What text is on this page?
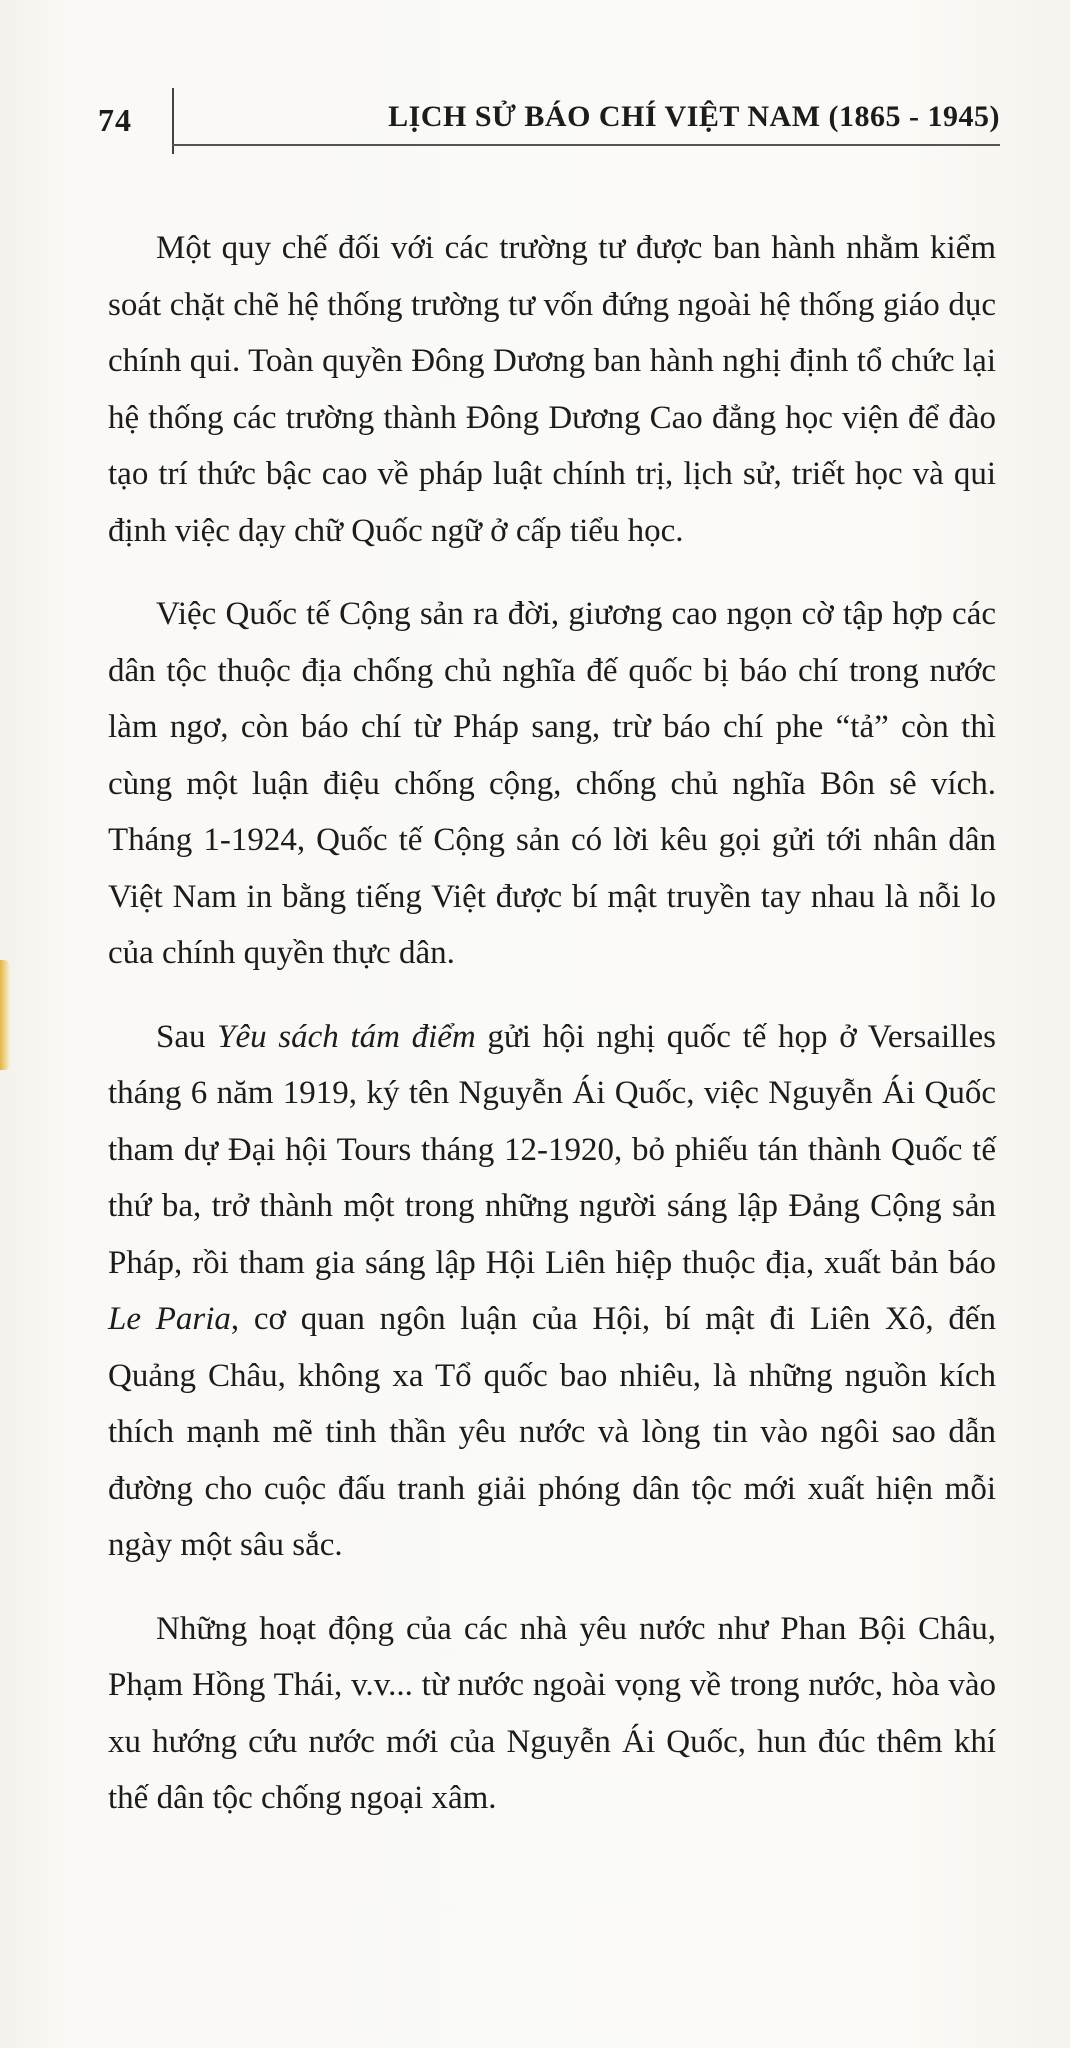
74	LỊCH SỬ BÁO CHÍ VIỆT NAM (1865 - 1945)

Một quy chế đối với các trường tư được ban hành nhằm kiểm soát chặt chẽ hệ thống trường tư vốn đứng ngoài hệ thống giáo dục chính qui. Toàn quyền Đông Dương ban hành nghị định tổ chức lại hệ thống các trường thành Đông Dương Cao đẳng học viện để đào tạo trí thức bậc cao về pháp luật chính trị, lịch sử, triết học và qui định việc dạy chữ Quốc ngữ ở cấp tiểu học.

Việc Quốc tế Cộng sản ra đời, giương cao ngọn cờ tập hợp các dân tộc thuộc địa chống chủ nghĩa đế quốc bị báo chí trong nước làm ngơ, còn báo chí từ Pháp sang, trừ báo chí phe “tả” còn thì cùng một luận điệu chống cộng, chống chủ nghĩa Bôn sê vích. Tháng 1-1924, Quốc tế Cộng sản có lời kêu gọi gửi tới nhân dân Việt Nam in bằng tiếng Việt được bí mật truyền tay nhau là nỗi lo của chính quyền thực dân.

Sau Yêu sách tám điểm gửi hội nghị quốc tế họp ở Versailles tháng 6 năm 1919, ký tên Nguyễn Ái Quốc, việc Nguyễn Ái Quốc tham dự Đại hội Tours tháng 12-1920, bỏ phiếu tán thành Quốc tế thứ ba, trở thành một trong những người sáng lập Đảng Cộng sản Pháp, rồi tham gia sáng lập Hội Liên hiệp thuộc địa, xuất bản báo Le Paria, cơ quan ngôn luận của Hội, bí mật đi Liên Xô, đến Quảng Châu, không xa Tổ quốc bao nhiêu, là những nguồn kích thích mạnh mẽ tinh thần yêu nước và lòng tin vào ngôi sao dẫn đường cho cuộc đấu tranh giải phóng dân tộc mới xuất hiện mỗi ngày một sâu sắc.

Những hoạt động của các nhà yêu nước như Phan Bội Châu, Phạm Hồng Thái, v.v... từ nước ngoài vọng về trong nước, hòa vào xu hướng cứu nước mới của Nguyễn Ái Quốc, hun đúc thêm khí thế dân tộc chống ngoại xâm.
